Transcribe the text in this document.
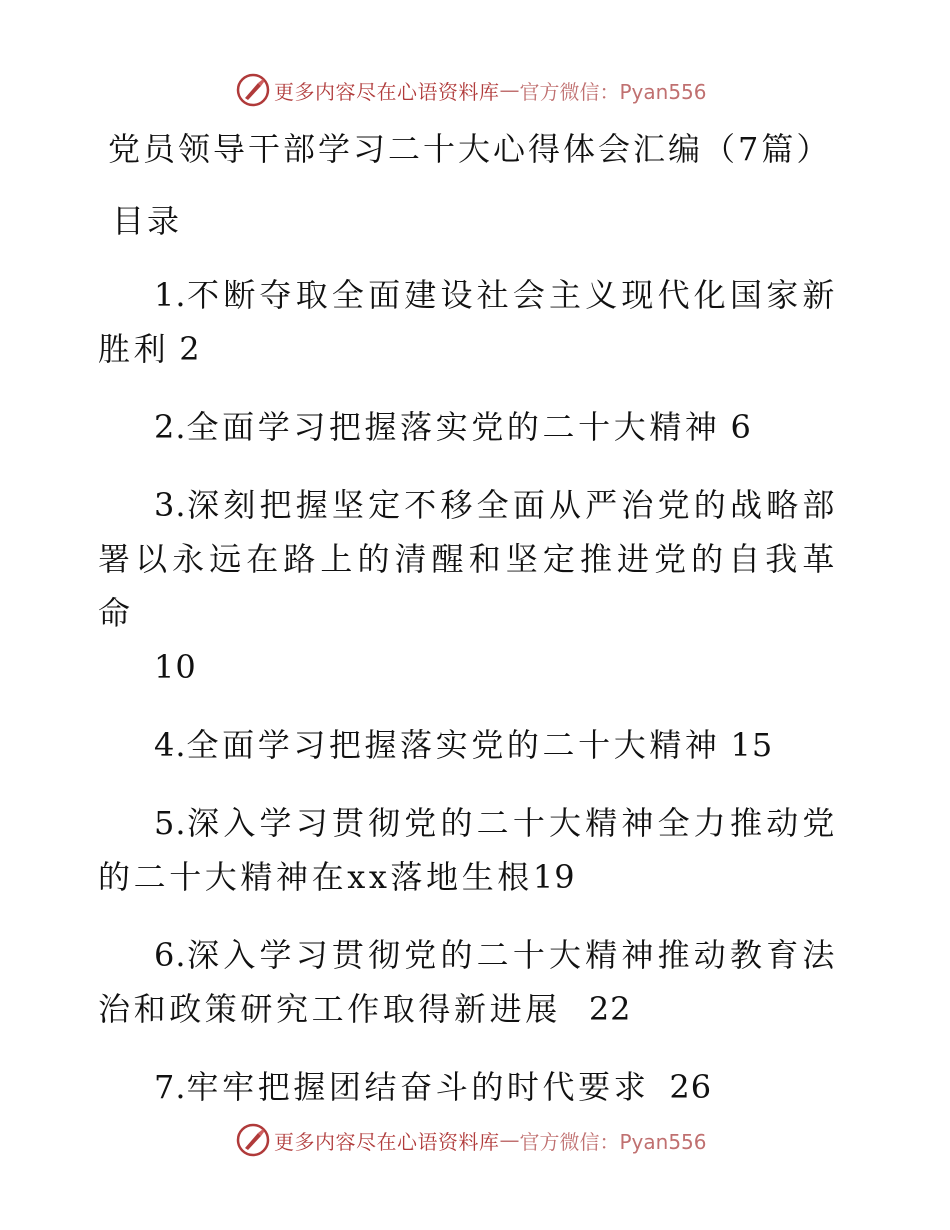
更多内容尽在心语资料库 — 官方微信：Pyan556
党员领导干部学习二十大心得体会汇编（7篇）
目录
1.不断夺取全面建设社会主义现代化国家新胜利 2
2.全面学习把握落实党的二十大精神 6
3.深刻把握坚定不移全面从严治党的战略部署以永远在路上的清醒和坚定推进党的自我革命
10
4.全面学习把握落实党的二十大精神 15
5.深入学习贯彻党的二十大精神全力推动党的二十大精神在xx落地生根19
6.深入学习贯彻党的二十大精神推动教育法治和政策研究工作取得新进展 22
7.牢牢把握团结奋斗的时代要求 26
更多内容尽在心语资料库 — 官方微信：Pyan556
